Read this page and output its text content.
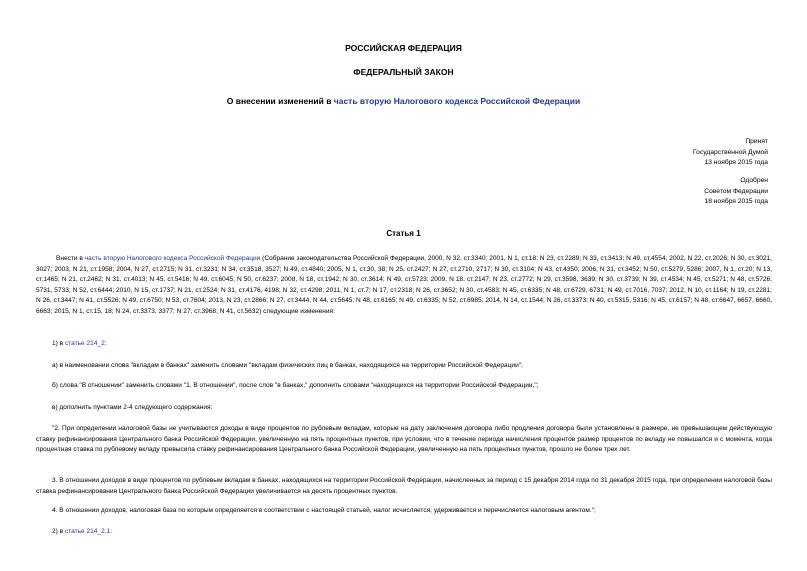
РОССИЙСКАЯ ФЕДЕРАЦИЯ
ФЕДЕРАЛЬНЫЙ ЗАКОН
О внесении изменений в часть вторую Налогового кодекса Российской Федерации
Принят
Государственной Думой
13 ноября 2015 года
Одобрен
Советом Федерации
18 ноября 2015 года
Статья 1
Внести в часть вторую Налогового кодекса Российской Федерации (Собрание законодательства Российской Федерации, 2000, N 32, ст.3340; 2001, N 1, ст.18; N 23, ст.2289; N 33, ст.3413; N 49, ст.4554; 2002, N 22, ст.2026; N 30, ст.3021, 3027; 2003, N 21, ст.1958; 2004, N 27, ст.2715; N 31, ст.3231; N 34, ст.3518, 3527; N 49, ст.4840; 2005, N 1, ст.30, 38; N 25, ст.2427; N 27, ст.2710, 2717; N 30, ст.3104; N 43, ст.4350; 2006, N 31, ст.3452; N 50, ст.5279, 5286; 2007, N 1, ст.20; N 13, ст.1465; N 21, ст.2462; N 31, ст.4013; N 45, ст.5416; N 49, ст.6045; N 50, ст.6237; 2008, N 18, ст.1942; N 30, ст.3614; N 49, ст.5723; 2009, N 18, ст.2147; N 23, ст.2772; N 29, ст.3598, 3639; N 30, ст.3739; N 39, ст.4534; N 45, ст.5271; N 48, ст.5726, 5731, 5733; N 52, ст.6444; 2010, N 15, ст.1737; N 21, ст.2524; N 31, ст.4176, 4198; N 32, ст.4298; 2011, N 1, ст.7; N 17, ст.2318; N 26, ст.3652; N 30, ст.4583; N 45, ст.6335; N 48, ст.6729, 6731; N 49, ст.7016, 7037; 2012, N 10, ст.1164; N 19, ст.2281; N 26, ст.3447; N 41, ст.5526; N 49, ст.6750; N 53, ст.7604; 2013, N 23, ст.2866; N 27, ст.3444; N 44, ст.5645; N 48, ст.6165; N 49, ст.6335; N 52, ст.6985; 2014, N 14, ст.1544; N 26, ст.3373; N 40, ст.5315, 5316; N 45, ст.6157; N 48, ст.6647, 6657, 6660, 6663; 2015, N 1, ст.15, 18; N 24, ст.3373, 3377; N 27, ст.3968; N 41, ст.5632) следующие изменения:
1) в статье 214_2:
а) в наименовании слова "вкладам в банках" заменить словами "вкладам физических лиц в банках, находящихся на территории Российской Федерации";
б) слова "В отношении" заменить словами "1. В отношении", после слов "в банках," дополнить словами "находящихся на территории Российской Федерации,";
в) дополнить пунктами 2-4 следующего содержания:
"2. При определении налоговой базы не учитываются доходы в виде процентов по рублевым вкладам, которые на дату заключения договора либо продления договора были установлены в размере, не превышающем действующую ставку рефинансирования Центрального банка Российской Федерации, увеличенную на пять процентных пунктов, при условии, что в течение периода начисления процентов размер процентов по вкладу не повышался и с момента, когда процентная ставка по рублевому вкладу превысила ставку рефинансирования Центрального банка Российской Федерации, увеличенную на пять процентных пунктов, прошло не более трех лет.
3. В отношении доходов в виде процентов по рублевым вкладам в банках, находящихся на территории Российской Федерации, начисленных за период с 15 декабря 2014 года по 31 декабря 2015 года, при определении налоговой базы ставка рефинансирования Центрального банка Российской Федерации увеличивается на десять процентных пунктов.
4. В отношении доходов, налоговая база по которым определяется в соответствии с настоящей статьей, налог исчисляется, удерживается и перечисляется налоговым агентом.";
2) в статье 214_2.1:
